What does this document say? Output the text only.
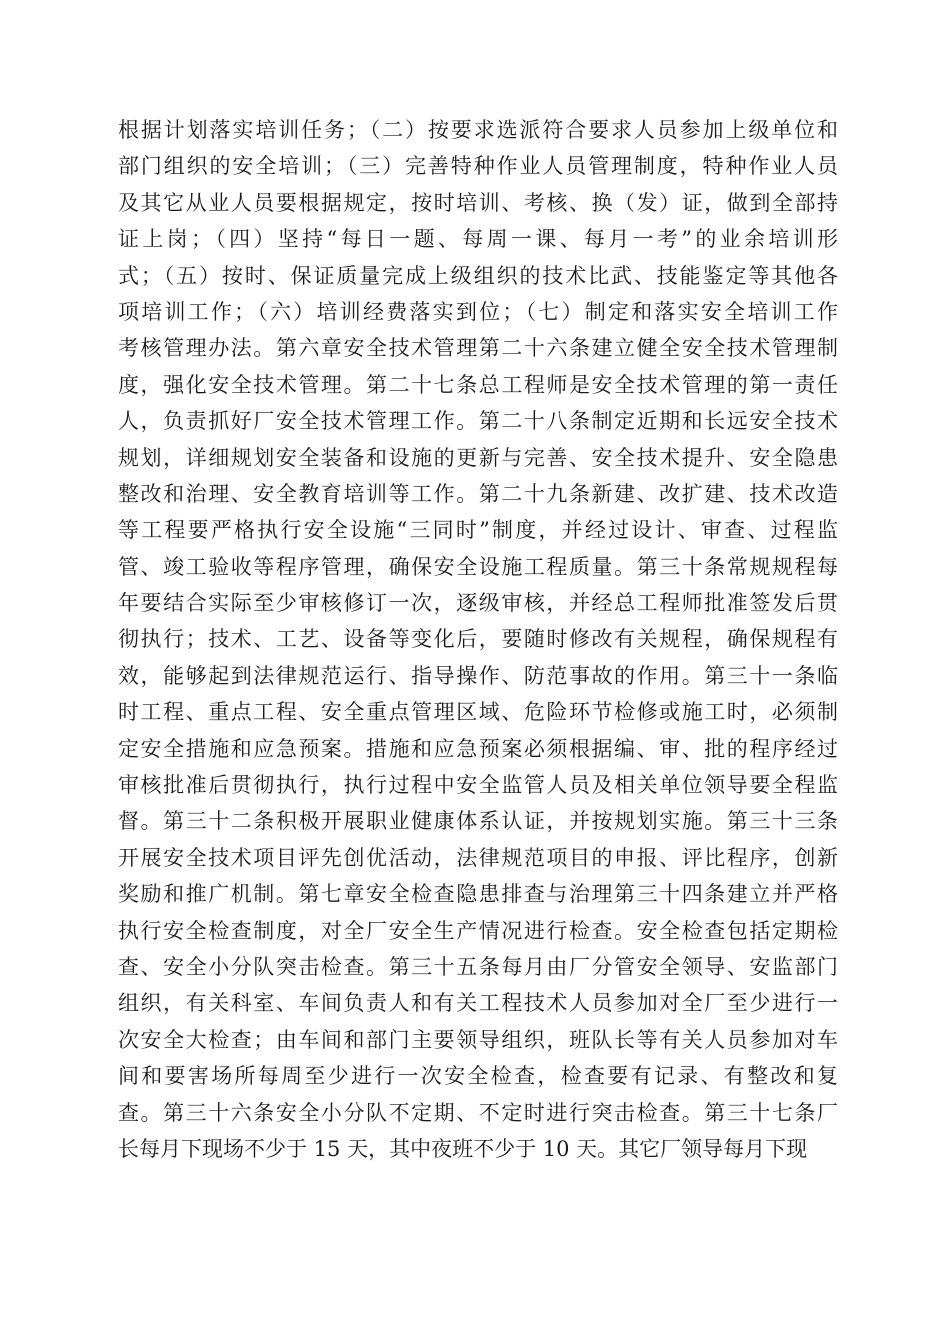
根据计划落实培训任务；（二）按要求选派符合要求人员参加上级单位和
部门组织的安全培训；（三）完善特种作业人员管理制度，特种作业人员
及其它从业人员要根据规定，按时培训、考核、换（发）证，做到全部持
证上岗；（四）坚持“每日一题、每周一课、每月一考”的业余培训形
式；（五）按时、保证质量完成上级组织的技术比武、技能鉴定等其他各
项培训工作；（六）培训经费落实到位；（七）制定和落实安全培训工作
考核管理办法。第六章安全技术管理第二十六条建立健全安全技术管理制
度，强化安全技术管理。第二十七条总工程师是安全技术管理的第一责任
人，负责抓好厂安全技术管理工作。第二十八条制定近期和长远安全技术
规划，详细规划安全装备和设施的更新与完善、安全技术提升、安全隐患
整改和治理、安全教育培训等工作。第二十九条新建、改扩建、技术改造
等工程要严格执行安全设施“三同时”制度，并经过设计、审查、过程监
管、竣工验收等程序管理，确保安全设施工程质量。第三十条常规规程每
年要结合实际至少审核修订一次，逐级审核，并经总工程师批准签发后贯
彻执行；技术、工艺、设备等变化后，要随时修改有关规程，确保规程有
效，能够起到法律规范运行、指导操作、防范事故的作用。第三十一条临
时工程、重点工程、安全重点管理区域、危险环节检修或施工时，必须制
定安全措施和应急预案。措施和应急预案必须根据编、审、批的程序经过
审核批准后贯彻执行，执行过程中安全监管人员及相关单位领导要全程监
督。第三十二条积极开展职业健康体系认证，并按规划实施。第三十三条
开展安全技术项目评先创优活动，法律规范项目的申报、评比程序，创新
奖励和推广机制。第七章安全检查隐患排查与治理第三十四条建立并严格
执行安全检查制度，对全厂安全生产情况进行检查。安全检查包括定期检
查、安全小分队突击检查。第三十五条每月由厂分管安全领导、安监部门
组织，有关科室、车间负责人和有关工程技术人员参加对全厂至少进行一
次安全大检查；由车间和部门主要领导组织，班队长等有关人员参加对车
间和要害场所每周至少进行一次安全检查，检查要有记录、有整改和复
查。第三十六条安全小分队不定期、不定时进行突击检查。第三十七条厂
长每月下现场不少于 15 天，其中夜班不少于 10 天。其它厂领导每月下现
